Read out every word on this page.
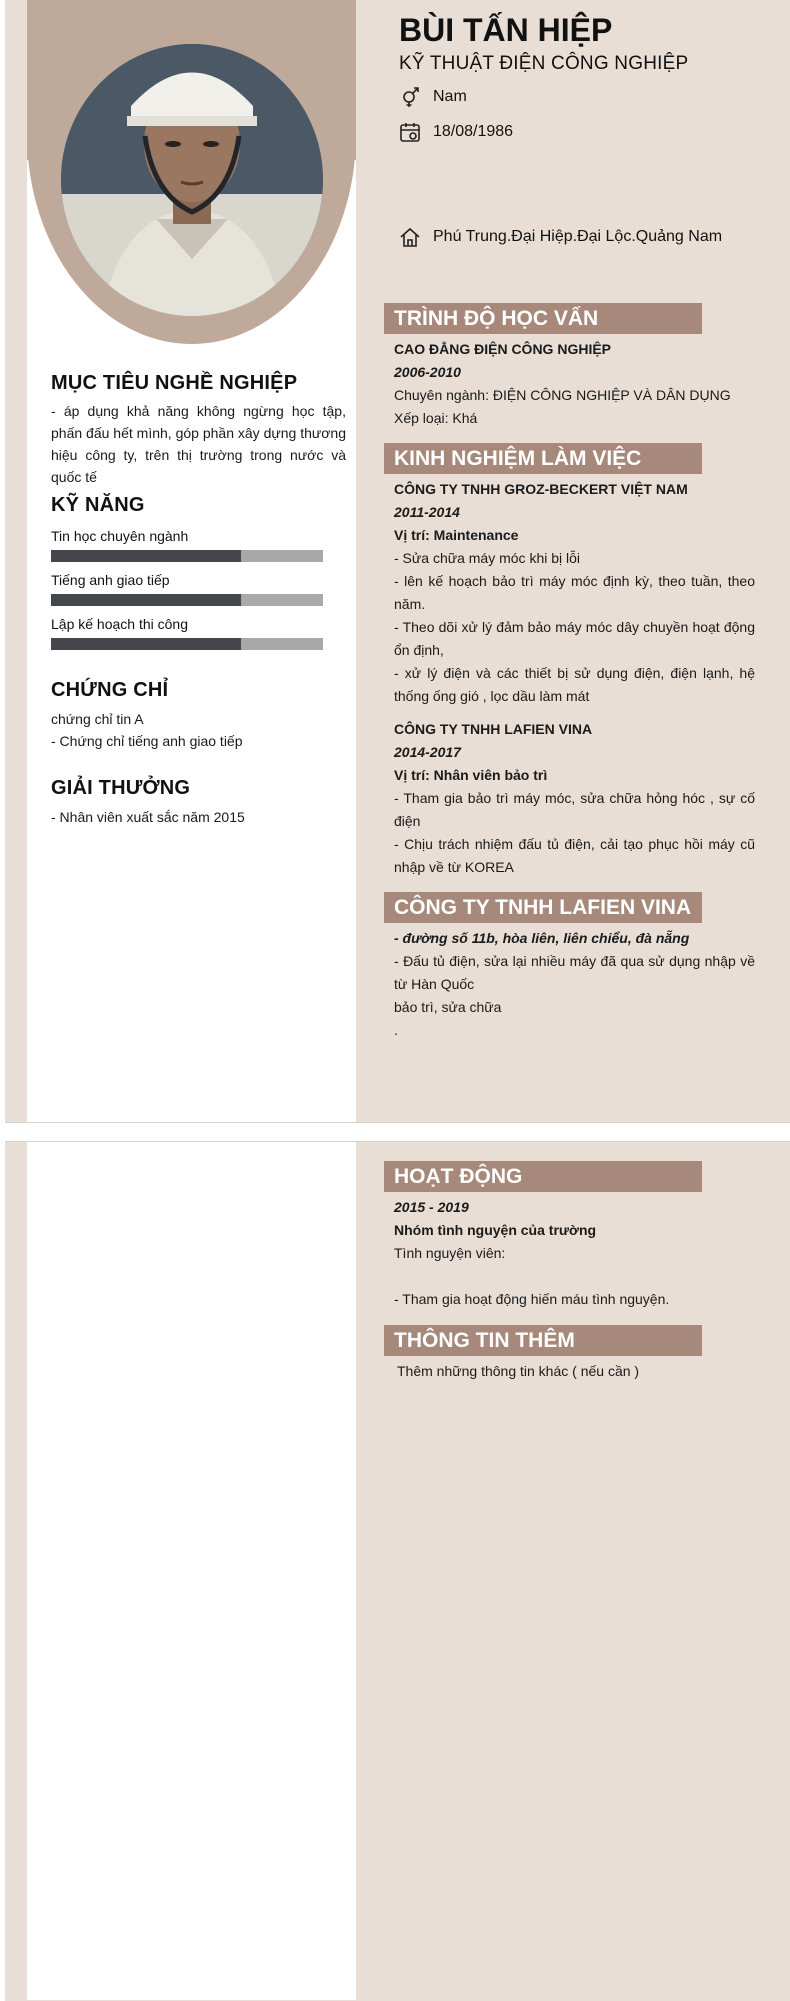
BÙI TẤN HIỆP
KỸ THUẬT ĐIỆN CÔNG NGHIỆP
Nam
18/08/1986
Phú Trung.Đại Hiệp.Đại Lộc.Quảng Nam
MỤC TIÊU NGHỀ NGHIỆP
- áp dụng khả năng không ngừng học tập, phấn đấu hết mình, góp phần xây dựng thương hiệu công ty, trên thị trường trong nước và quốc tế
KỸ NĂNG
Tin học chuyên ngành
Tiếng anh giao tiếp
Lập kế hoạch thi công
CHỨNG CHỈ
chứng chỉ tin A
- Chứng chỉ tiếng anh giao tiếp
GIẢI THƯỞNG
- Nhân viên xuất sắc năm 2015
TRÌNH ĐỘ HỌC VẤN
CAO ĐẲNG ĐIỆN CÔNG NGHIỆP
2006-2010
Chuyên ngành: ĐIỆN CÔNG NGHIỆP VÀ DÂN DỤNG
Xếp loại: Khá
KINH NGHIỆM LÀM VIỆC
CÔNG TY TNHH GROZ-BECKERT VIỆT NAM
2011-2014
Vị trí: Maintenance
- Sửa chữa máy móc khi bị lỗi
- lên kế hoạch bảo trì máy móc định kỳ, theo tuần, theo năm.
- Theo dõi xử lý đảm bảo máy móc dây chuyền hoạt động ổn định,
- xử lý điện và các thiết bị sử dụng điện, điện lạnh, hệ thống ống gió , lọc dầu làm mát
CÔNG TY TNHH LAFIEN VINA
2014-2017
Vị trí: Nhân viên bảo trì
- Tham gia bảo trì máy móc, sửa chữa hỏng hóc , sự cố điện
- Chịu trách nhiệm đấu tủ điện, cải tạo phục hồi máy cũ nhập về từ KOREA
CÔNG TY TNHH LAFIEN VINA
- đường số 11b, hòa liên, liên chiểu, đà nẵng
- Đấu tủ điện, sửa lại nhiều máy đã qua sử dụng nhập về từ Hàn Quốc
bảo trì, sửa chữa
.
HOẠT ĐỘNG
2015 - 2019
Nhóm tình nguyện của trường
Tình nguyện viên:
- Tham gia hoạt động hiến máu tình nguyện.
THÔNG TIN THÊM
Thêm những thông tin khác ( nếu cần )
